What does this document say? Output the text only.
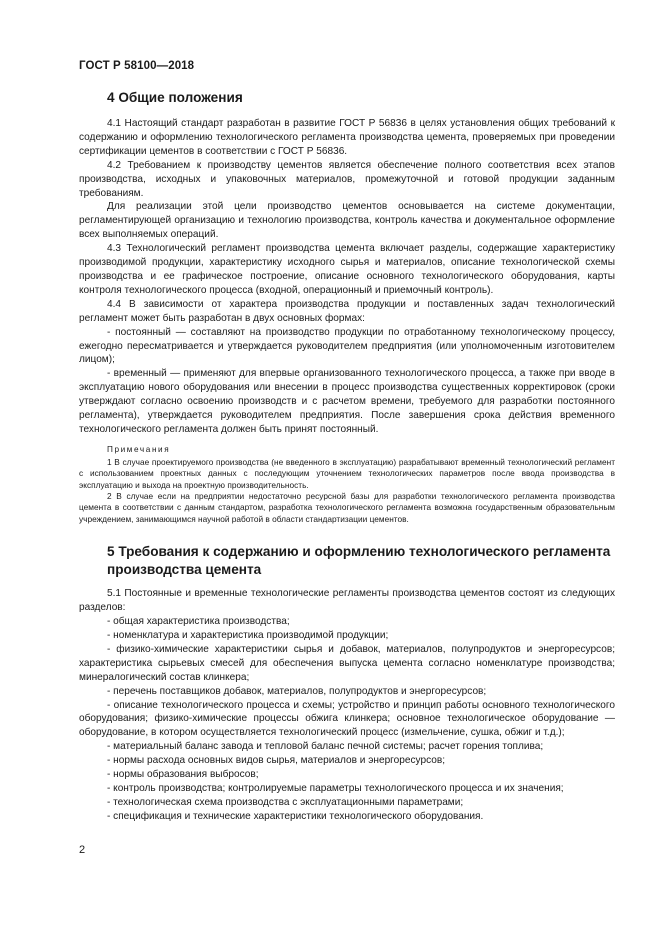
ГОСТ Р 58100—2018
4 Общие положения

4.1 Настоящий стандарт разработан в развитие ГОСТ Р 56836 в целях установления общих требований к содержанию и оформлению технологического регламента производства цемента, проверяемых при проведении сертификации цементов в соответствии с ГОСТ Р 56836.

4.2 Требованием к производству цементов является обеспечение полного соответствия всех этапов производства, исходных и упаковочных материалов, промежуточной и готовой продукции заданным требованиям.

Для реализации этой цели производство цементов основывается на системе документации, регламентирующей организацию и технологию производства, контроль качества и документальное оформление всех выполняемых операций.

4.3 Технологический регламент производства цемента включает разделы, содержащие характеристику производимой продукции, характеристику исходного сырья и материалов, описание технологической схемы производства и ее графическое построение, описание основного технологического оборудования, карты контроля технологического процесса (входной, операционный и приемочный контроль).

4.4 В зависимости от характера производства продукции и поставленных задач технологический регламент может быть разработан в двух основных формах:

- постоянный — составляют на производство продукции по отработанному технологическому процессу, ежегодно пересматривается и утверждается руководителем предприятия (или уполномоченным изготовителем лицом);

- временный — применяют для впервые организованного технологического процесса, а также при вводе в эксплуатацию нового оборудования или внесении в процесс производства существенных корректировок (сроки утверждают согласно освоению производств и с расчетом времени, требуемого для разработки постоянного регламента), утверждается руководителем предприятия. После завершения срока действия временного технологического регламента должен быть принят постоянный.

Примечания

1 В случае проектируемого производства (не введенного в эксплуатацию) разрабатывают временный технологический регламент с использованием проектных данных с последующим уточнением технологических параметров после ввода производства в эксплуатацию и выхода на проектную производительность.

2 В случае если на предприятии недостаточно ресурсной базы для разработки технологического регламента производства цемента в соответствии с данным стандартом, разработка технологического регламента возможна государственным образовательным учреждением, занимающимся научной работой в области стандартизации цементов.

5 Требования к содержанию и оформлению технологического регламента
производства цемента

5.1 Постоянные и временные технологические регламенты производства цементов состоят из следующих разделов:

- общая характеристика производства;

- номенклатура и характеристика производимой продукции;

- физико-химические характеристики сырья и добавок, материалов, полупродуктов и энергоресурсов; характеристика сырьевых смесей для обеспечения выпуска цемента согласно номенклатуре производства; минералогический состав клинкера;

- перечень поставщиков добавок, материалов, полупродуктов и энергоресурсов;

- описание технологического процесса и схемы; устройство и принцип работы основного технологического оборудования; физико-химические процессы обжига клинкера; основное технологическое оборудование — оборудование, в котором осуществляется технологический процесс (измельчение, сушка, обжиг и т.д.);

- материальный баланс завода и тепловой баланс печной системы; расчет горения топлива;

- нормы расхода основных видов сырья, материалов и энергоресурсов;

- нормы образования выбросов;

- контроль производства; контролируемые параметры технологического процесса и их значения;

- технологическая схема производства с эксплуатационными параметрами;

- спецификация и технические характеристики технологического оборудования.

2
